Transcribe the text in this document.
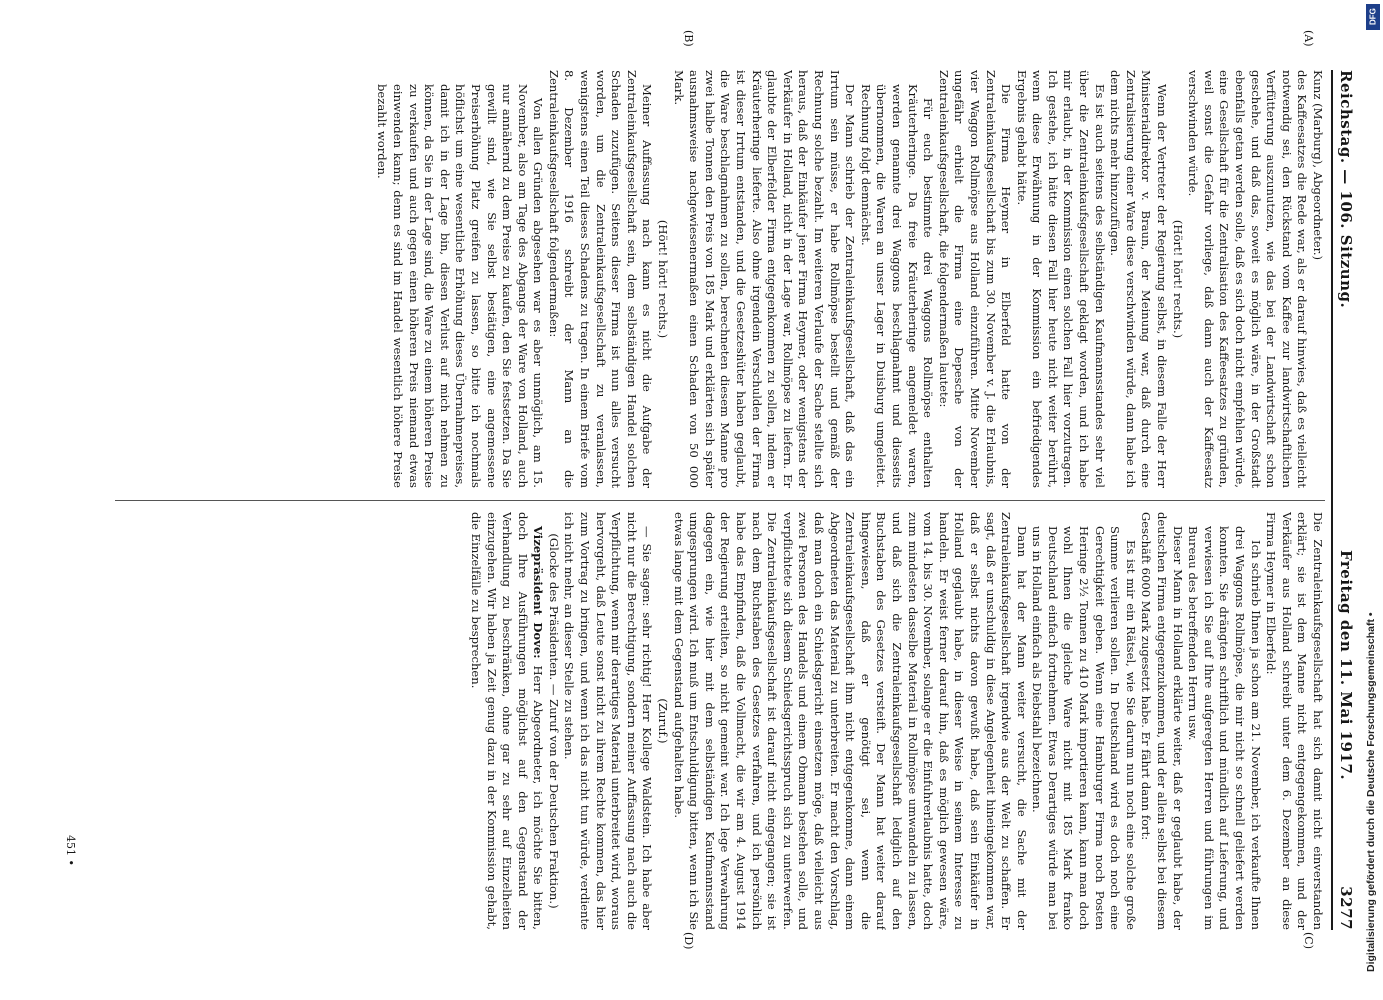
Reichstag. — 106. Sitzung.
Freitag den 11. Mai 1917.
3277
(A)
(B)
(C)
(D)

Kunz (Marburg), Abgeordneter.)

des Kaffeesatzes die Rede war, als er darauf hinwies, daß es vielleicht notwendig sei, den Rückstand vom Kaffee zur landwirtschaftlichen Verfütterung auszunutzen, wie das bei der Landwirtschaft schon geschehe, und daß das, soweit es möglich wäre, in der Großstadt ebenfalls getan werden solle, daß es sich doch nicht empfehlen würde, eine Gesellschaft für die Zentralisation des Kaffeesatzes zu gründen, weil sonst die Gefahr vorliege, daß dann auch der Kaffeesatz verschwinden würde.

(Hört! hört! rechts.)

Wenn der Vertreter der Regierung selbst, in diesem Falle der Herr Ministerialdirektor v. Braun, der Meinung war, daß durch eine Zentralisierung einer Ware diese verschwinden würde, dann habe ich dem nichts mehr hinzuzufügen.

Es ist auch seitens des selbständigen Kaufmannsstandes sehr viel über die Zentraleinkaufsgesellschaft geklagt worden, und ich habe mir erlaubt, in der Kommission einen solchen Fall hier vorzutragen. Ich gestehe, ich hätte diesen Fall hier heute nicht weiter berührt, wenn diese Erwähnung in der Kommission ein befriedigendes Ergebnis gehabt hätte.

Die Firma Heymer in Elberfeld hatte von der Zentraleinkaufsgesellschaft bis zum 30. November v. J. die Erlaubnis, vier Waggon Rollmöpse aus Holland einzuführen. Mitte November ungefähr erhielt die Firma eine Depesche von der Zentraleinkaufsgesellschaft, die folgendermaßen lautete:

Für euch bestimmte drei Waggons Rollmöpse enthalten Kräuterheringe. Da freie Kräuterheringe angemeldet waren, werden genannte drei Waggons beschlagnahmt und diesseits übernommen, die Waren an unser Lager in Duisburg umgeleitet. Rechnung folgt demnächst.

Der Mann schrieb der Zentraleinkaufsgesellschaft, daß das ein Irrtum sein müsse, er habe Rollmöpse bestellt und gemäß der Rechnung solche bezahlt. Im weiteren Verlaufe der Sache stellte sich heraus, daß der Einkäufer jener Firma Heymer, oder wenigstens der Verkäufer in Holland, nicht in der Lage war, Rollmöpse zu liefern. Er glaubte der Elberfelder Firma entgegenkommen zu sollen, indem er Kräuterheringe lieferte. Also ohne irgendein Verschulden der Firma ist dieser Irrtum entstanden, und die Gesetzeshüter haben geglaubt, die Ware beschlagnahmen zu sollen, berechneten diesem Manne pro zwei halbe Tonnen den Preis von 185 Mark und erklärten sich später ausnahmsweise nachgewiesenermaßen einen Schaden von 50 000 Mark.

(Hört! hört! rechts.)

Meiner Auffassung nach kann es nicht die Aufgabe der Zentraleinkaufsgesellschaft sein, dem selbständigen Handel solchen Schaden zuzufügen. Seitens dieser Firma ist nun alles versucht worden, um die Zentraleinkaufsgesellschaft zu veranlassen, wenigstens einen Teil dieses Schadens zu tragen. In einem Briefe vom 8. Dezember 1916 schreibt der Mann an die Zentraleinkaufsgesellschaft folgendermaßen:

Von allen Gründen abgesehen war es aber unmöglich, am 15. November, also am Tage des Abgangs der Ware von Holland, auch nur annähernd zu dem Preise zu kaufen, den Sie festsetzen. Da Sie gewillt sind, wie Sie selbst bestätigen, eine angemessene Preiserhöhung Platz greifen zu lassen, so bitte ich nochmals höflichst um eine wesentliche Erhöhung dieses Übernahmepreises, damit ich in der Lage bin, diesen Verlust auf mich nehmen zu können, da Sie in der Lage sind, die Ware zu einem höheren Preise zu verkaufen und auch gegen einen höheren Preis niemand etwas einwenden kann; denn es sind im Handel wesentlich höhere Preise bezahlt worden.

Die Zentraleinkaufsgesellschaft hat sich damit nicht einverstanden erklärt; sie ist dem Manne nicht entgegengekommen, und der Verkäufer aus Holland schreibt unter dem 6. Dezember an diese Firma Heymer in Elberfeld:

Ich schrieb Ihnen ja schon am 21. November, ich verkaufte Ihnen drei Waggons Rollmöpse, die mir nicht so schnell geliefert werden konnten. Sie drängten schriftlich und mündlich auf Lieferung, und verwiesen ich Sie auf Ihre aufgeregten Herren und führungen im Bureau des betreffenden Herrn usw.

Dieser Mann in Holland erklärte weiter, daß er geglaubt habe, der deutschen Firma entgegenzukommen, und der allein selbst bei diesem Geschäft 6000 Mark zugesetzt habe. Er fährt dann fort:

Es ist mir ein Rätsel, wie Sie darum nun noch eine solche große Summe verlieren sollen. In Deutschland wird es doch noch eine Gerechtigkeit geben. Wenn eine Hamburger Firma noch Posten Heringe 2½ Tonnen zu 410 Mark importieren kann, kann man doch wohl Ihnen die gleiche Ware nicht mit 185 Mark franko Deutschland einfach fortnehmen. Etwas Derartiges würde man bei uns in Holland einfach als Diebstahl bezeichnen.

Dann hat der Mann weiter versucht, die Sache mit der Zentraleinkaufsgesellschaft irgendwie aus der Welt zu schaffen. Er sagt, daß er unschuldig in diese Angelegenheit hineingekommen war, daß er selbst nichts davon gewußt habe, daß sein Einkäufer in Holland geglaubt habe, in dieser Weise in seinem Interesse zu handeln. Er weist ferner darauf hin, daß es möglich gewesen wäre, vom 14. bis 30. November, solange er die Einfuhrerlaubnis hatte, doch zum mindesten dasselbe Material in Rollmöpse umwandeln zu lassen, und daß sich die Zentraleinkaufsgesellschaft lediglich auf den Buchstaben des Gesetzes versteift. Der Mann hat weiter darauf hingewiesen, daß er genötigt sei, wenn die Zentraleinkaufsgesellschaft ihm nicht entgegenkomme, dann einem Abgeordneten das Material zu unterbreiten. Er macht den Vorschlag, daß man doch ein Schiedsgericht einsetzen möge, daß vielleicht aus zwei Personen des Handels und einem Obmann bestehen solle, und verpflichtete sich diesem Schiedsgerichtsspruch sich zu unterwerfen. Die Zentraleinkaufsgesellschaft ist darauf nicht eingegangen; sie ist nach dem Buchstaben des Gesetzes verfahren, und ich persönlich habe das Empfinden, daß die Vollmacht, die wir am 4. August 1914 der Regierung erteilten, so nicht gemeint war. Ich lege Verwahrung dagegen ein, wie hier mit dem selbständigen Kaufmannsstand umgesprungen wird. Ich muß um Entschuldigung bitten, wenn ich Sie etwas lange mit dem Gegenstand aufgehalten habe.

(Zuruf.)

— Sie sagen: sehr richtig! Herr Kollege Waldstein. Ich habe aber nicht nur die Berechtigung, sondern meiner Auffassung nach auch die Verpflichtung, wenn mir derartiges Material unterbreitet wird, woraus hervorgeht, daß Leute sonst nicht zu ihrem Rechte kommen, das hier zum Vortrag zu bringen, und wenn ich das nicht tun würde, verdiente ich nicht mehr, an dieser Stelle zu stehen.

(Glocke des Präsidenten. — Zuruf von der Deutschen Fraktion.)

Vizepräsident Dove: Herr Abgeordneter, ich möchte Sie bitten, doch Ihre Ausführungen möglichst auf den Gegenstand der Verhandlung zu beschränken, ohne gar zu sehr auf Einzelheiten einzugehen. Wir haben ja Zeit genug dazu in der Kommission gehabt, die Einzelfälle zu besprechen.

451 •
DFG
Digitalisierung gefördert durch die Deutsche Forschungsgemeinschaft •
